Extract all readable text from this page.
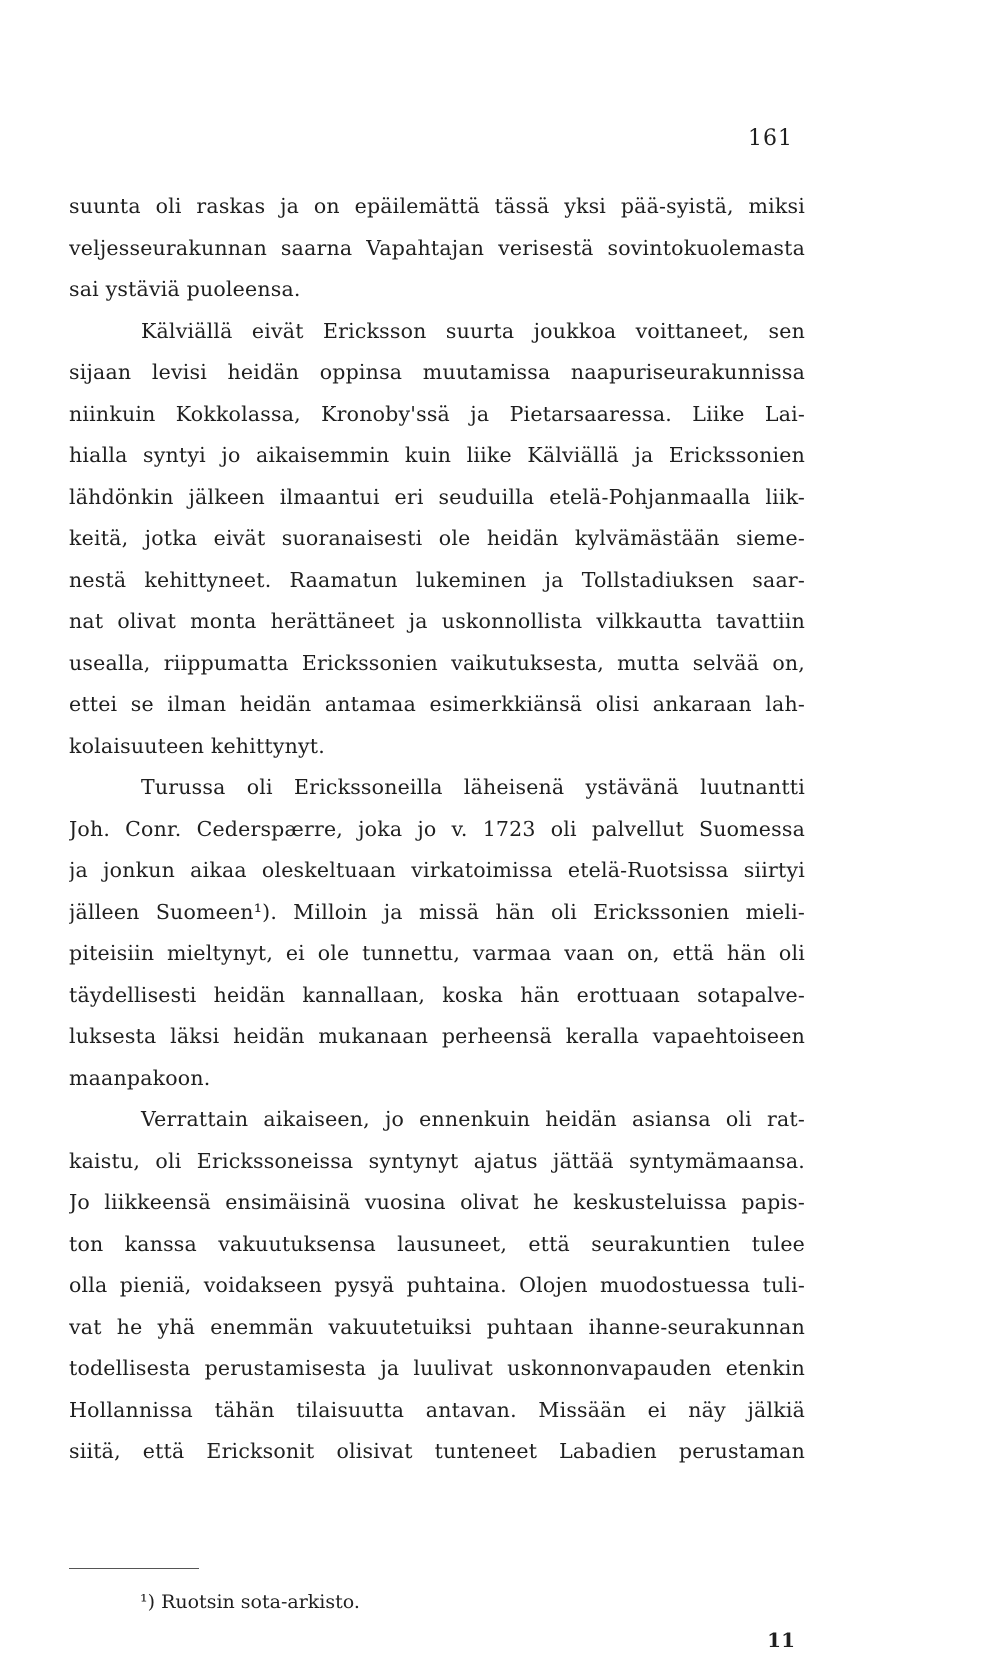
161
suunta oli raskas ja on epäilemättä tässä yksi pää-syistä, miksi
veljesseurakunnan saarna Vapahtajan verisestä sovintokuolemasta
sai ystäviä puoleensa.
Kälviällä eivät Ericksson suurta joukkoa voittaneet, sen
sijaan levisi heidän oppinsa muutamissa naapuriseurakunnissa
niinkuin Kokkolassa, Kronoby'ssä ja Pietarsaaressa. Liike Lai-
hialla syntyi jo aikaisemmin kuin liike Kälviällä ja Erickssonien
lähdönkin jälkeen ilmaantui eri seuduilla etelä-Pohjanmaalla liik-
keitä, jotka eivät suoranaisesti ole heidän kylvämästään sieme-
nestä kehittyneet. Raamatun lukeminen ja Tollstadiuksen saar-
nat olivat monta herättäneet ja uskonnollista vilkkautta tavattiin
usealla, riippumatta Erickssonien vaikutuksesta, mutta selvää on,
ettei se ilman heidän antamaa esimerkkiänsä olisi ankaraan lah-
kolaisuuteen kehittynyt.
Turussa oli Erickssoneilla läheisenä ystävänä luutnantti
Joh. Conr. Cederspærre, joka jo v. 1723 oli palvellut Suomessa
ja jonkun aikaa oleskeltuaan virkatoimissa etelä-Ruotsissa siirtyi
jälleen Suomeen¹). Milloin ja missä hän oli Erickssonien mieli-
piteisiin mieltynyt, ei ole tunnettu, varmaa vaan on, että hän oli
täydellisesti heidän kannallaan, koska hän erottuaan sotapalve-
luksesta läksi heidän mukanaan perheensä keralla vapaehtoiseen
maanpakoon.
Verrattain aikaiseen, jo ennenkuin heidän asiansa oli rat-
kaistu, oli Erickssoneissa syntynyt ajatus jättää syntymämaansa.
Jo liikkeensä ensimäisinä vuosina olivat he keskusteluissa papis-
ton kanssa vakuutuksensa lausuneet, että seurakuntien tulee
olla pieniä, voidakseen pysyä puhtaina. Olojen muodostuessa tuli-
vat he yhä enemmän vakuutetuiksi puhtaan ihanne-seurakunnan
todellisesta perustamisesta ja luulivat uskonnonvapauden etenkin
Hollannissa tähän tilaisuutta antavan. Missään ei näy jälkiä
siitä, että Ericksonit olisivat tunteneet Labadien perustaman
¹) Ruotsin sota-arkisto.
11
